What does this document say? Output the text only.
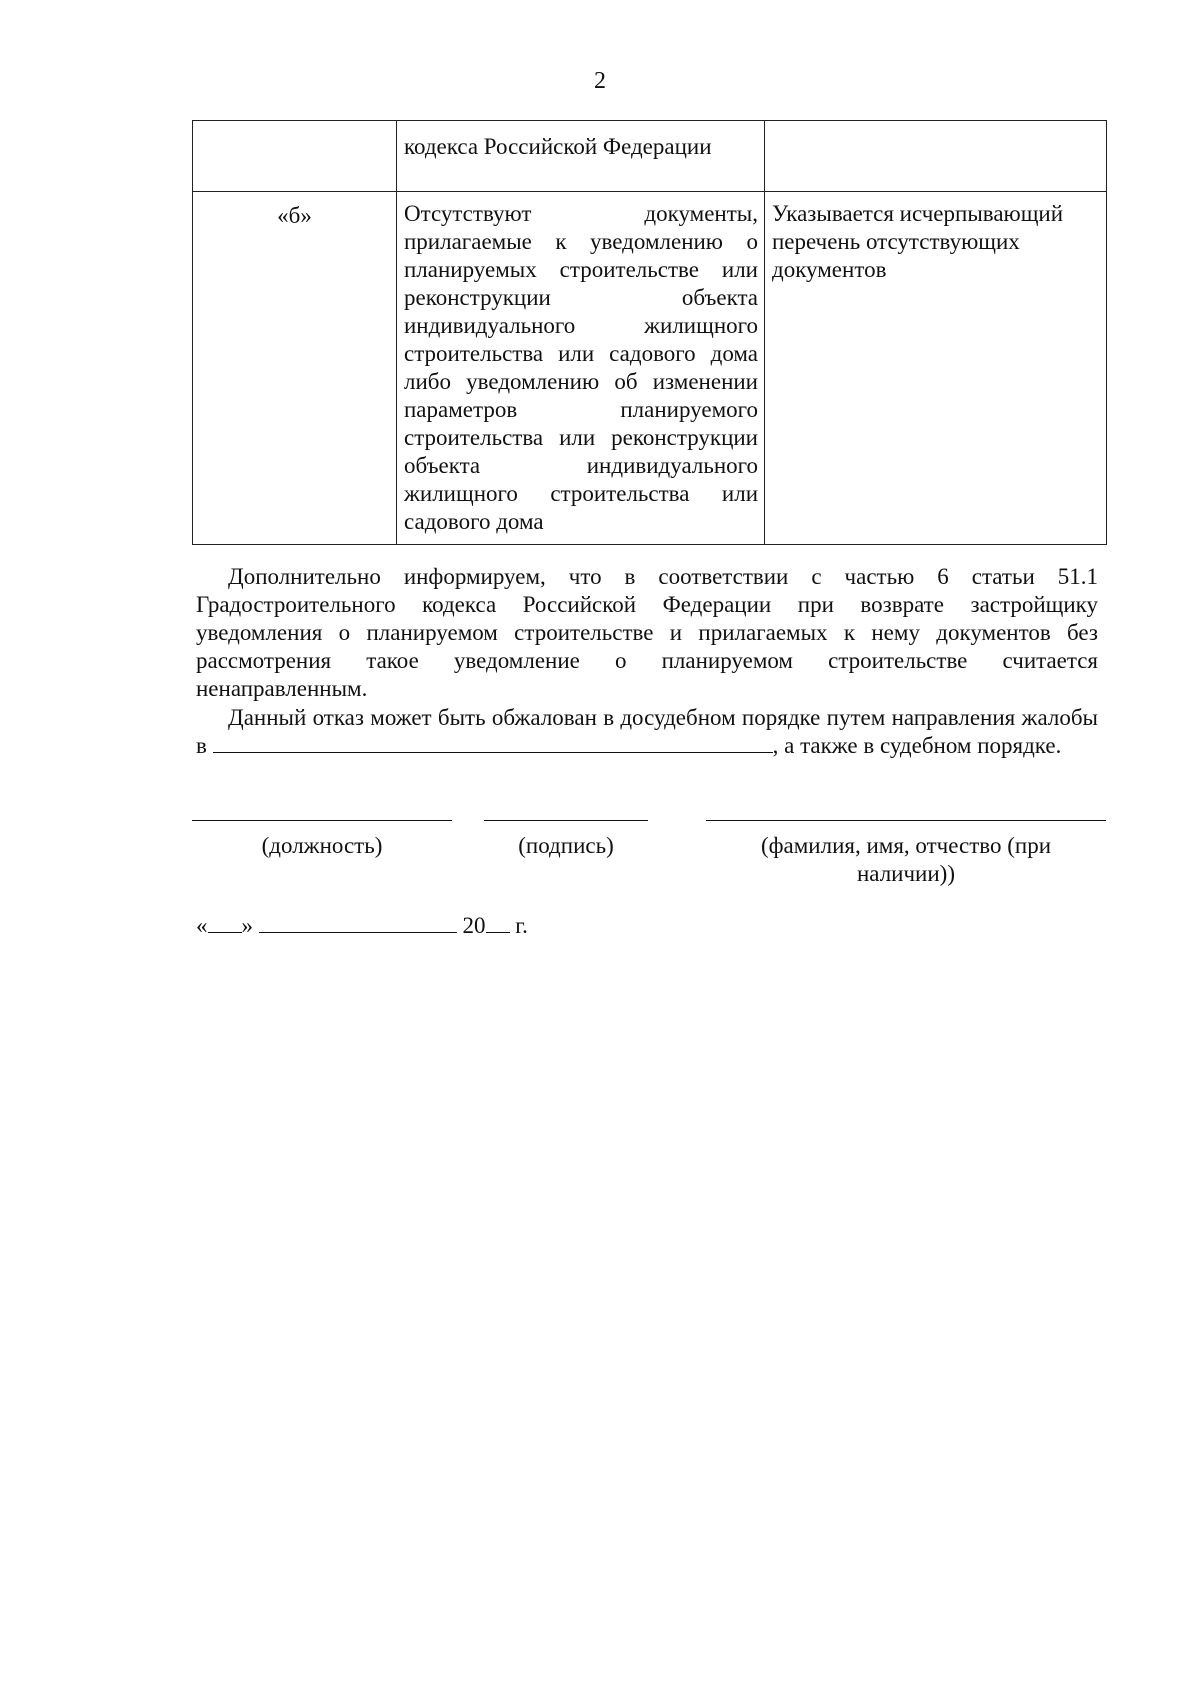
2
	кодекса Российской Федерации	
«б»	Отсутствуют документы, прилагаемые к уведомлению о планируемых строительстве или реконструкции объекта индивидуального жилищного строительства или садового дома либо уведомлению об изменении параметров планируемого строительства или реконструкции объекта индивидуального жилищного строительства или садового дома	Указывается исчерпывающий перечень отсутствующих документов

Дополнительно информируем, что в соответствии с частью 6 статьи 51.1 Градостроительного кодекса Российской Федерации при возврате застройщику уведомления о планируемом строительстве и прилагаемых к нему документов без рассмотрения такое уведомление о планируемом строительстве считается ненаправленным.

Данный отказ может быть обжалован в досудебном порядке путем направления жалобы в	, а также в судебном порядке.

(должность)	(подпись)	(фамилия, имя, отчество (при наличии))
« »	20 г.
